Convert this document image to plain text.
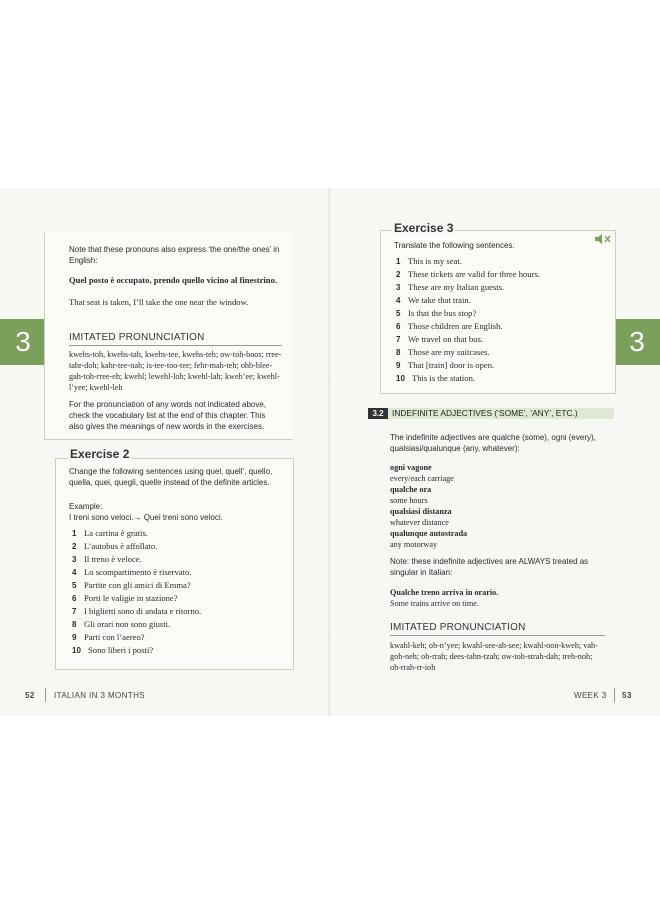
3
Note that these pronouns also express ‘the one/the ones’ in English:
Quel posto è occupato, prendo quello vicino al finestrino.
That seat is taken, I’ll take the one near the window.
IMITATED PRONUNCIATION
kwehs-toh, kwehs-tah, kwehs-tee, kwehs-teh; ow-toh-boos; rree-tahr-doh; kahr-tee-nah; is-tee-too-tee; fehr-mah-teh; ohb-blee-gah-toh-rree-eh; kwehl; lewehl-loh; kwehl-lah; kweh’ee; kwehl-l’yee; kwehl-leh
For the pronunciation of any words not indicated above, check the vocabulary list at the end of this chapter. This also gives the meanings of new words in the exercises.
Exercise 2
Change the following sentences using quel, quell’, quello, quella, quei, quegli, quelle instead of the definite articles.
Example:
I treni sono veloci.→ Quei treni sono veloci.
1 La cartina è gratis.
2 L’autobus è affollato.
3 Il treno è veloce.
4 Lo scompartimento è riservato.
5 Partite con gli amici di Emma?
6 Porti le valigie in stazione?
7 I biglietti sono di andata e ritorno.
8 Gli orari non sono giusti.
9 Parti con l’aereo?
10 Sono liberi i posti?
52 ITALIAN IN 3 MONTHS
3
Exercise 3
Translate the following sentences.
1 This is my seat.
2 These tickets are valid for three hours.
3 These are my Italian guests.
4 We take that train.
5 Is that the bus stop?
6 Those children are English.
7 We travel on that bus.
8 Those are my suitcases.
9 That [train] door is open.
10 This is the station.
3.2	INDEFINITE ADJECTIVES (‘SOME’, ‘ANY’, ETC.)
The indefinite adjectives are qualche (some), ogni (every), qualsiasi/qualunque (any, whatever):
ogni vagone
every/each carriage
qualche ora
some hours
qualsiasi distanza
whatever distance
qualunque autostrada
any motorway
Note: these indefinite adjectives are ALWAYS treated as singular in Italian:
Qualche treno arriva in orario.
Some trains arrive on time.
IMITATED PRONUNCIATION
kwahl-keh; oh-n’yee; kwahl-see-ah-see; kwahl-oon-kweh; vah-goh-neh; oh-rrah; dees-tahn-tzah; ow-toh-strah-dah; treh-noh; oh-rrah-rr-ioh
WEEK 3 53
